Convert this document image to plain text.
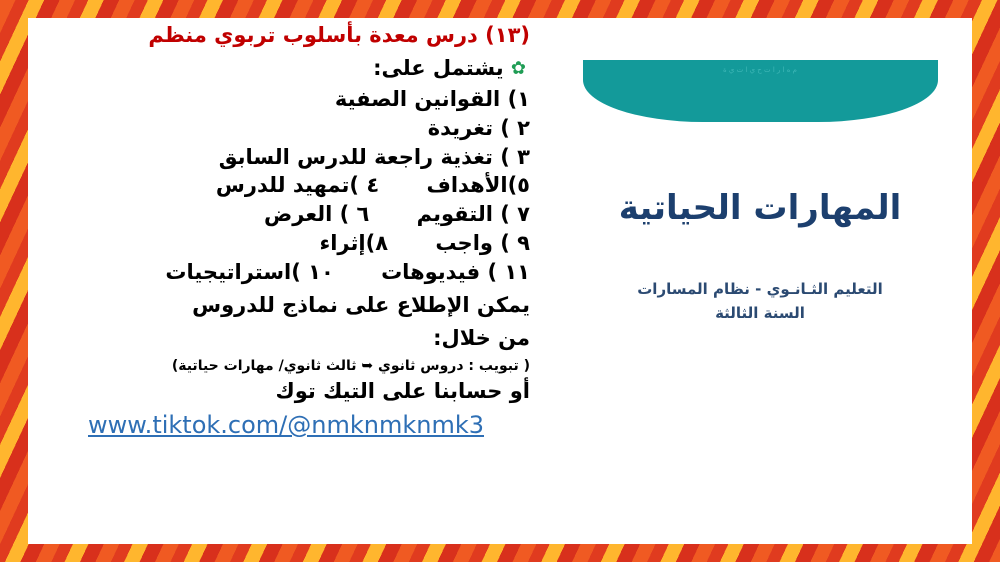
م ه ا ر ا ت ح ي ا ت ي ة
المهارات الحياتية
التعليم الثـانـوي - نظام المسارات
السنة الثالثة
(١٣) درس معدة بأسلوب تربوي منظم
✿ يشتمل على:
١) القوانين الصفية
٢ ) تغريدة
٣ ) تغذية راجعة للدرس السابق
٥)الأهداف ٤ )تمهيد للدرس
٧ ) التقويم ٦ ) العرض
٩ ) واجب ٨)إثراء
١١ ) فيديوهات ١٠ )استراتيجيات
يمكن الإطلاع على نماذج للدروس
من خلال:
( تبويب : دروس ثانوي ➥ ثالث ثانوي/ مهارات حياتية)
أو حسابنا على التيك توك
www.tiktok.com/@nmknmknmk3
